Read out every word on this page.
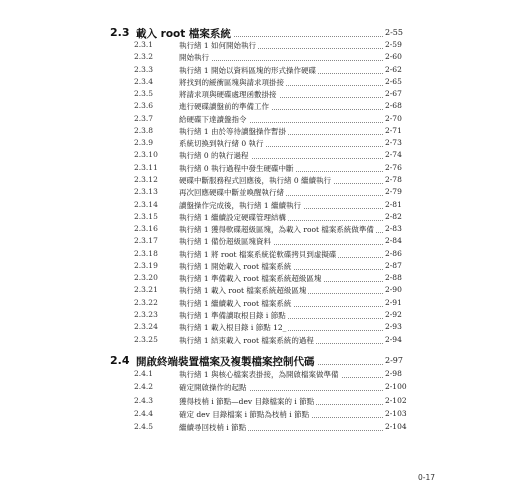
2.3 載入 root 檔案系統	2-55
2.3.1	執行緒 1 如何開始執行	2-59
2.3.2	開始執行	2-60
2.3.3	執行緒 1 開始以資料區塊的形式操作硬碟	2-62
2.3.4	將找到的緩衝區塊與請求項掛接	2-65
2.3.5	將請求項與硬碟處理函數掛接	2-67
2.3.6	進行硬碟讀盤前的準備工作	2-68
2.3.7	給硬碟下達讀盤指令	2-70
2.3.8	執行緒 1 由於等待讀盤操作暫掛	2-71
2.3.9	系統切換到執行緒 0 執行	2-73
2.3.10	執行緒 0 的執行過程	2-74
2.3.11	執行緒 0 執行過程中發生硬碟中斷	2-76
2.3.12	硬碟中斷服務程式回應後，執行緒 0 繼續執行	2-78
2.3.13	再次回應硬碟中斷並喚醒執行緒	2-79
2.3.14	讀盤操作完成後，執行緒 1 繼續執行	2-81
2.3.15	執行緒 1 繼續設定硬碟管理結構	2-82
2.3.16	執行緒 1 獲得軟碟超級區塊，為載入 root 檔案系統做準備 2-83
2.3.17	執行緒 1 備份超級區塊資料	2-84
2.3.18	執行緒 1 將 root 檔案系統從軟碟拷貝到虛擬碟	2-86
2.3.19	執行緒 1 開始載入 root 檔案系統	2-87
2.3.20	執行緒 1 準備載入 root 檔案系統超級區塊	2-88
2.3.21	執行緒 1 載入 root 檔案系統超級區塊	2-90
2.3.22	執行緒 1 繼續載入 root 檔案系統	2-91
2.3.23	執行緒 1 準備讀取根目錄 i 節點	2-92
2.3.24	執行緒 1 載入根目錄 i 節點 12_	2-93
2.3.25	執行緒 1 結束載入 root 檔案系統的過程	2-94
2.4 開啟終端裝置檔案及複製檔案控制代碼	2-97
2.4.1	執行緒 1 與核心檔案表掛接，為開啟檔案做準備	2-98
2.4.2	確定開啟操作的起點	2-100
2.4.3	獲得枝梢 i 節點—dev 目錄檔案的 i 節點	2-102
2.4.4	確定 dev 目錄檔案 i 節點為枝梢 i 節點	2-103
2.4.5	繼續尋回枝梢 i 節點	2-104
0-17
